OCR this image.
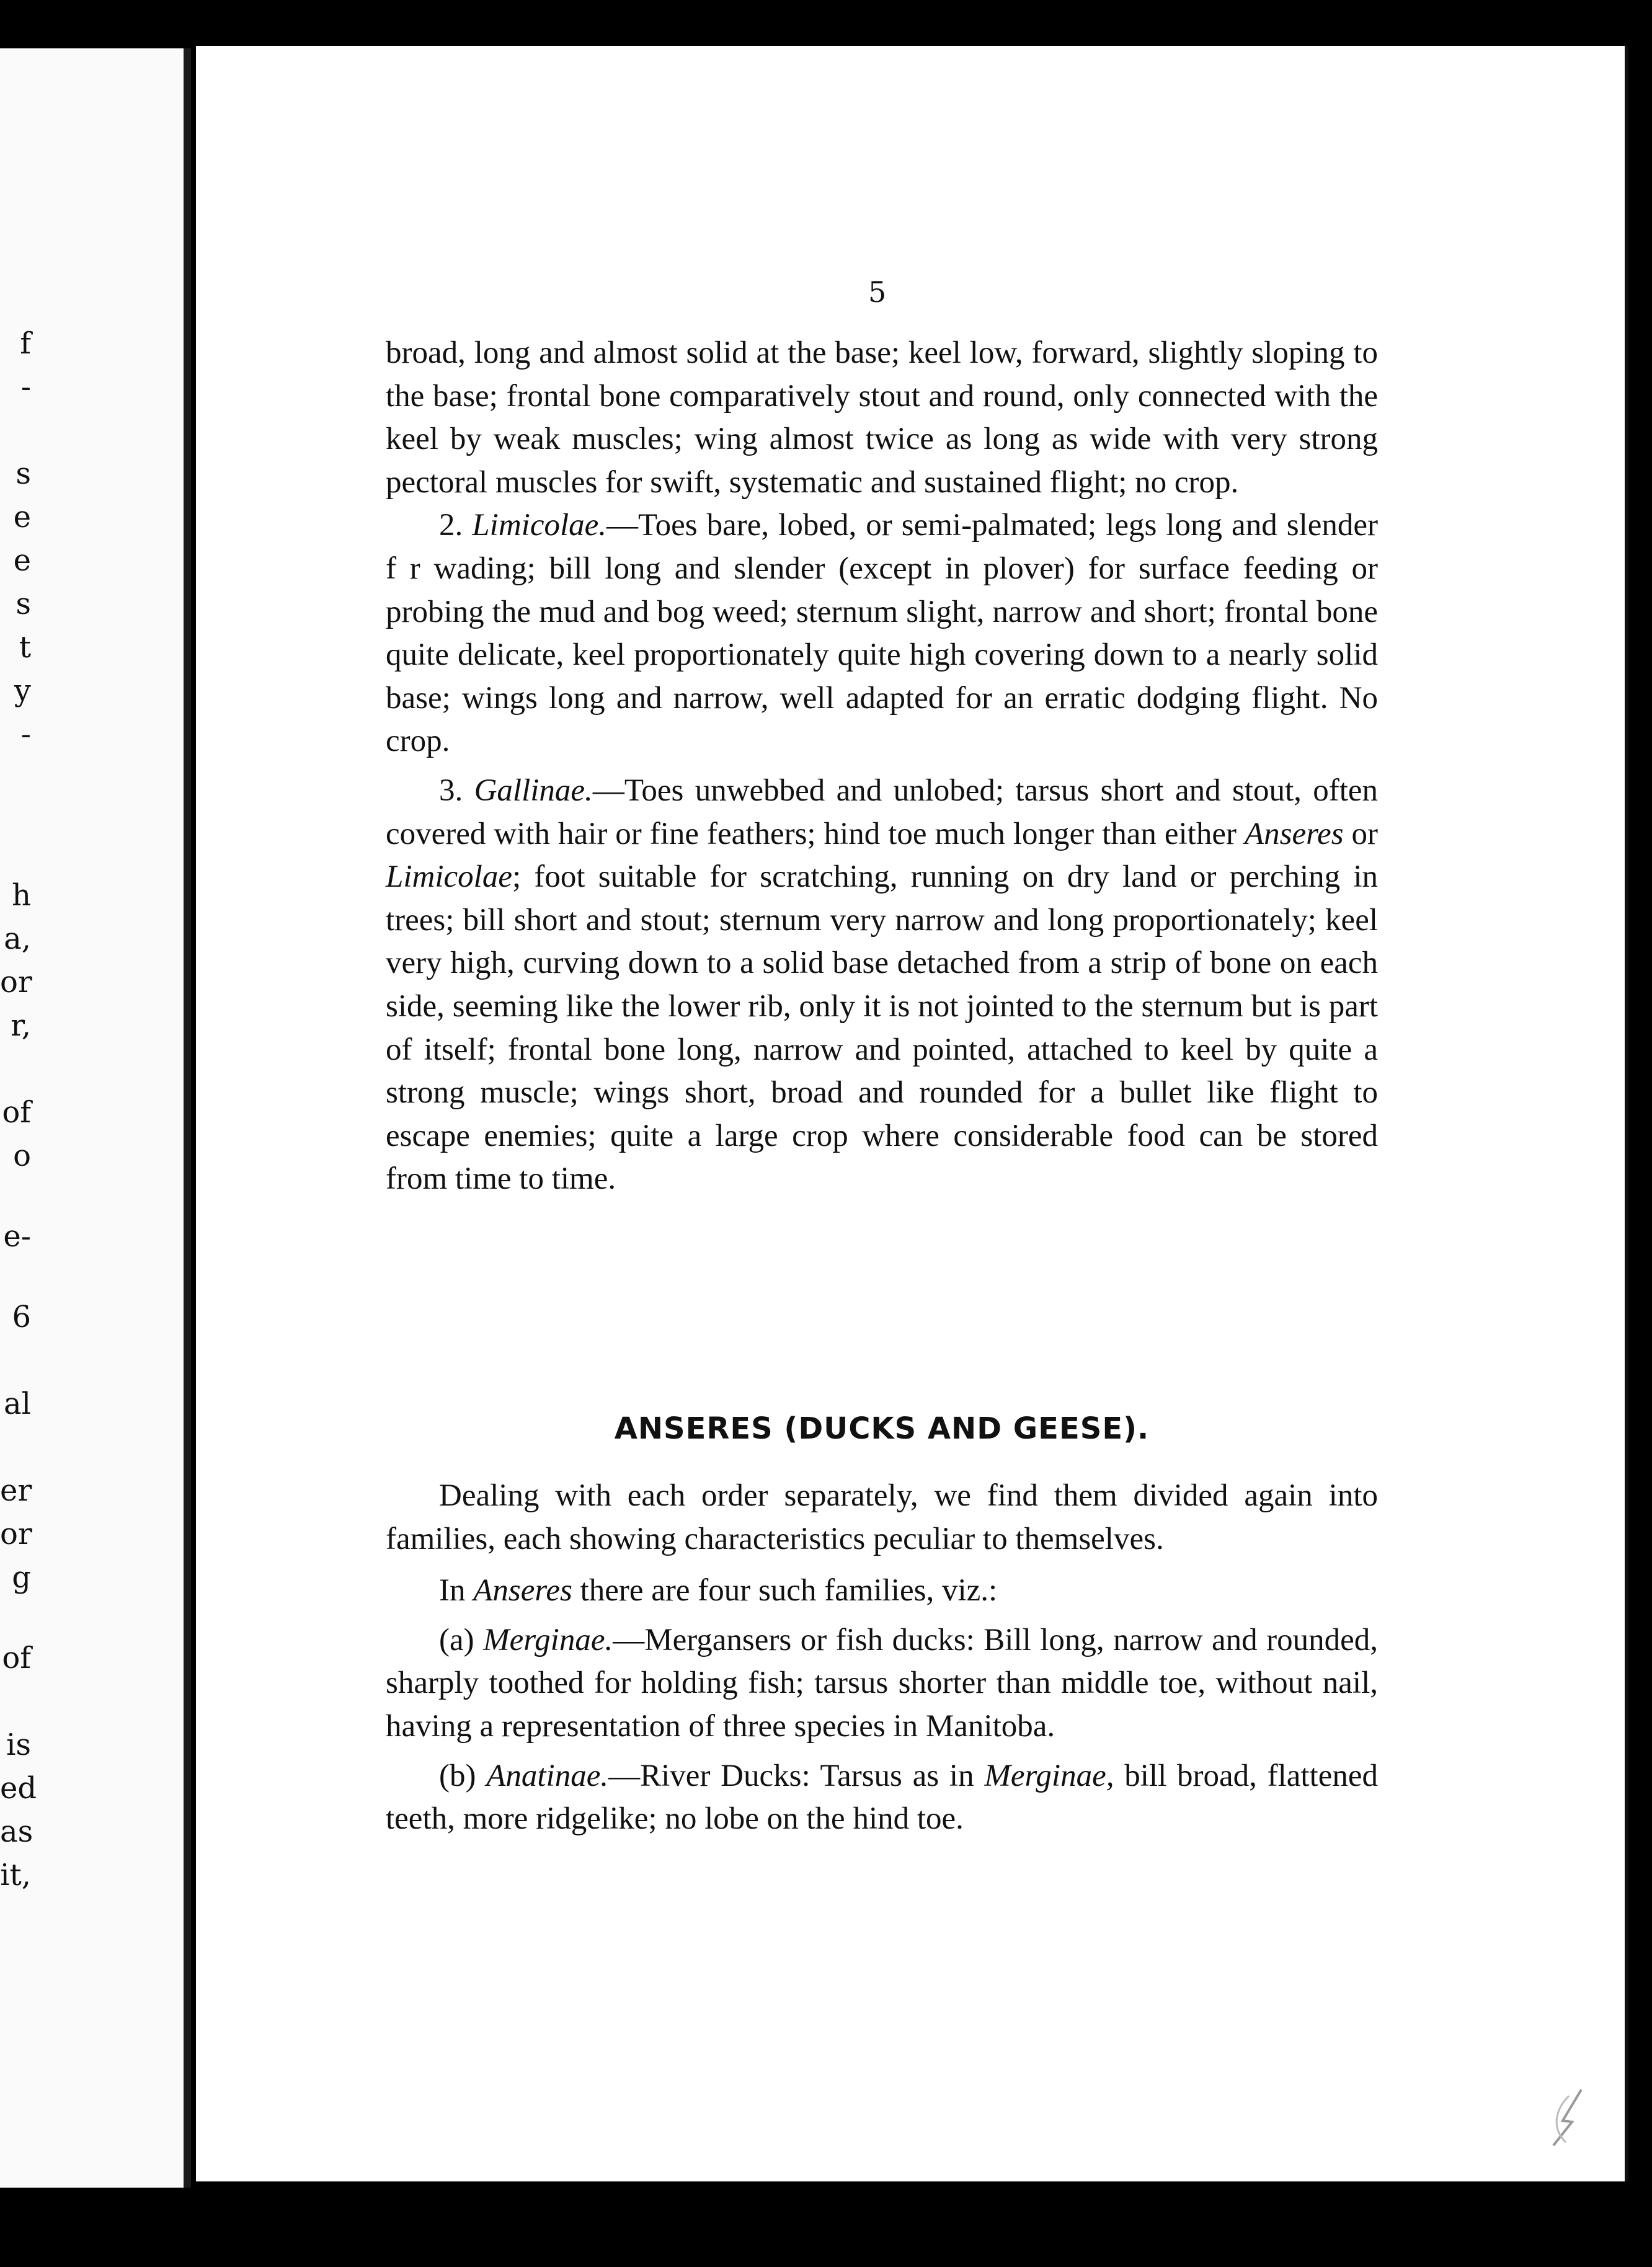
f
-
s
e
e
s
t
y
-
h
a,
or
r,
of
o
e-
6
al
er
or
g
of
is
ed
as
it,
5

broad, long and almost solid at the base; keel low, forward, slightly sloping to the base; frontal bone comparatively stout and round, only connected with the keel by weak muscles; wing almost twice as long as wide with very strong pectoral muscles for swift, systematic and sustained flight; no crop.

2. Limicolae.—Toes bare, lobed, or semi-palmated; legs long and slender f r wading; bill long and slender (except in plover) for surface feeding or probing the mud and bog weed; sternum slight, narrow and short; frontal bone quite delicate, keel proportionately quite high covering down to a nearly solid base; wings long and narrow, well adapted for an erratic dodging flight. No crop.

3. Gallinae.—Toes unwebbed and unlobed; tarsus short and stout, often covered with hair or fine feathers; hind toe much longer than either Anseres or Limicolae; foot suitable for scratching, running on dry land or perching in trees; bill short and stout; sternum very narrow and long proportionately; keel very high, curving down to a solid base detached from a strip of bone on each side, seeming like the lower rib, only it is not jointed to the sternum but is part of itself; frontal bone long, narrow and pointed, attached to keel by quite a strong muscle; wings short, broad and rounded for a bullet like flight to escape enemies; quite a large crop where considerable food can be stored from time to time.

ANSERES (DUCKS AND GEESE).

Dealing with each order separately, we find them divided again into families, each showing characteristics peculiar to themselves.

In Anseres there are four such families, viz.:

(a) Merginae.—Mergansers or fish ducks: Bill long, narrow and rounded, sharply toothed for holding fish; tarsus shorter than middle toe, without nail, having a representation of three species in Manitoba.

(b) Anatinae.—River Ducks: Tarsus as in Merginae, bill broad, flattened teeth, more ridgelike; no lobe on the hind toe.
